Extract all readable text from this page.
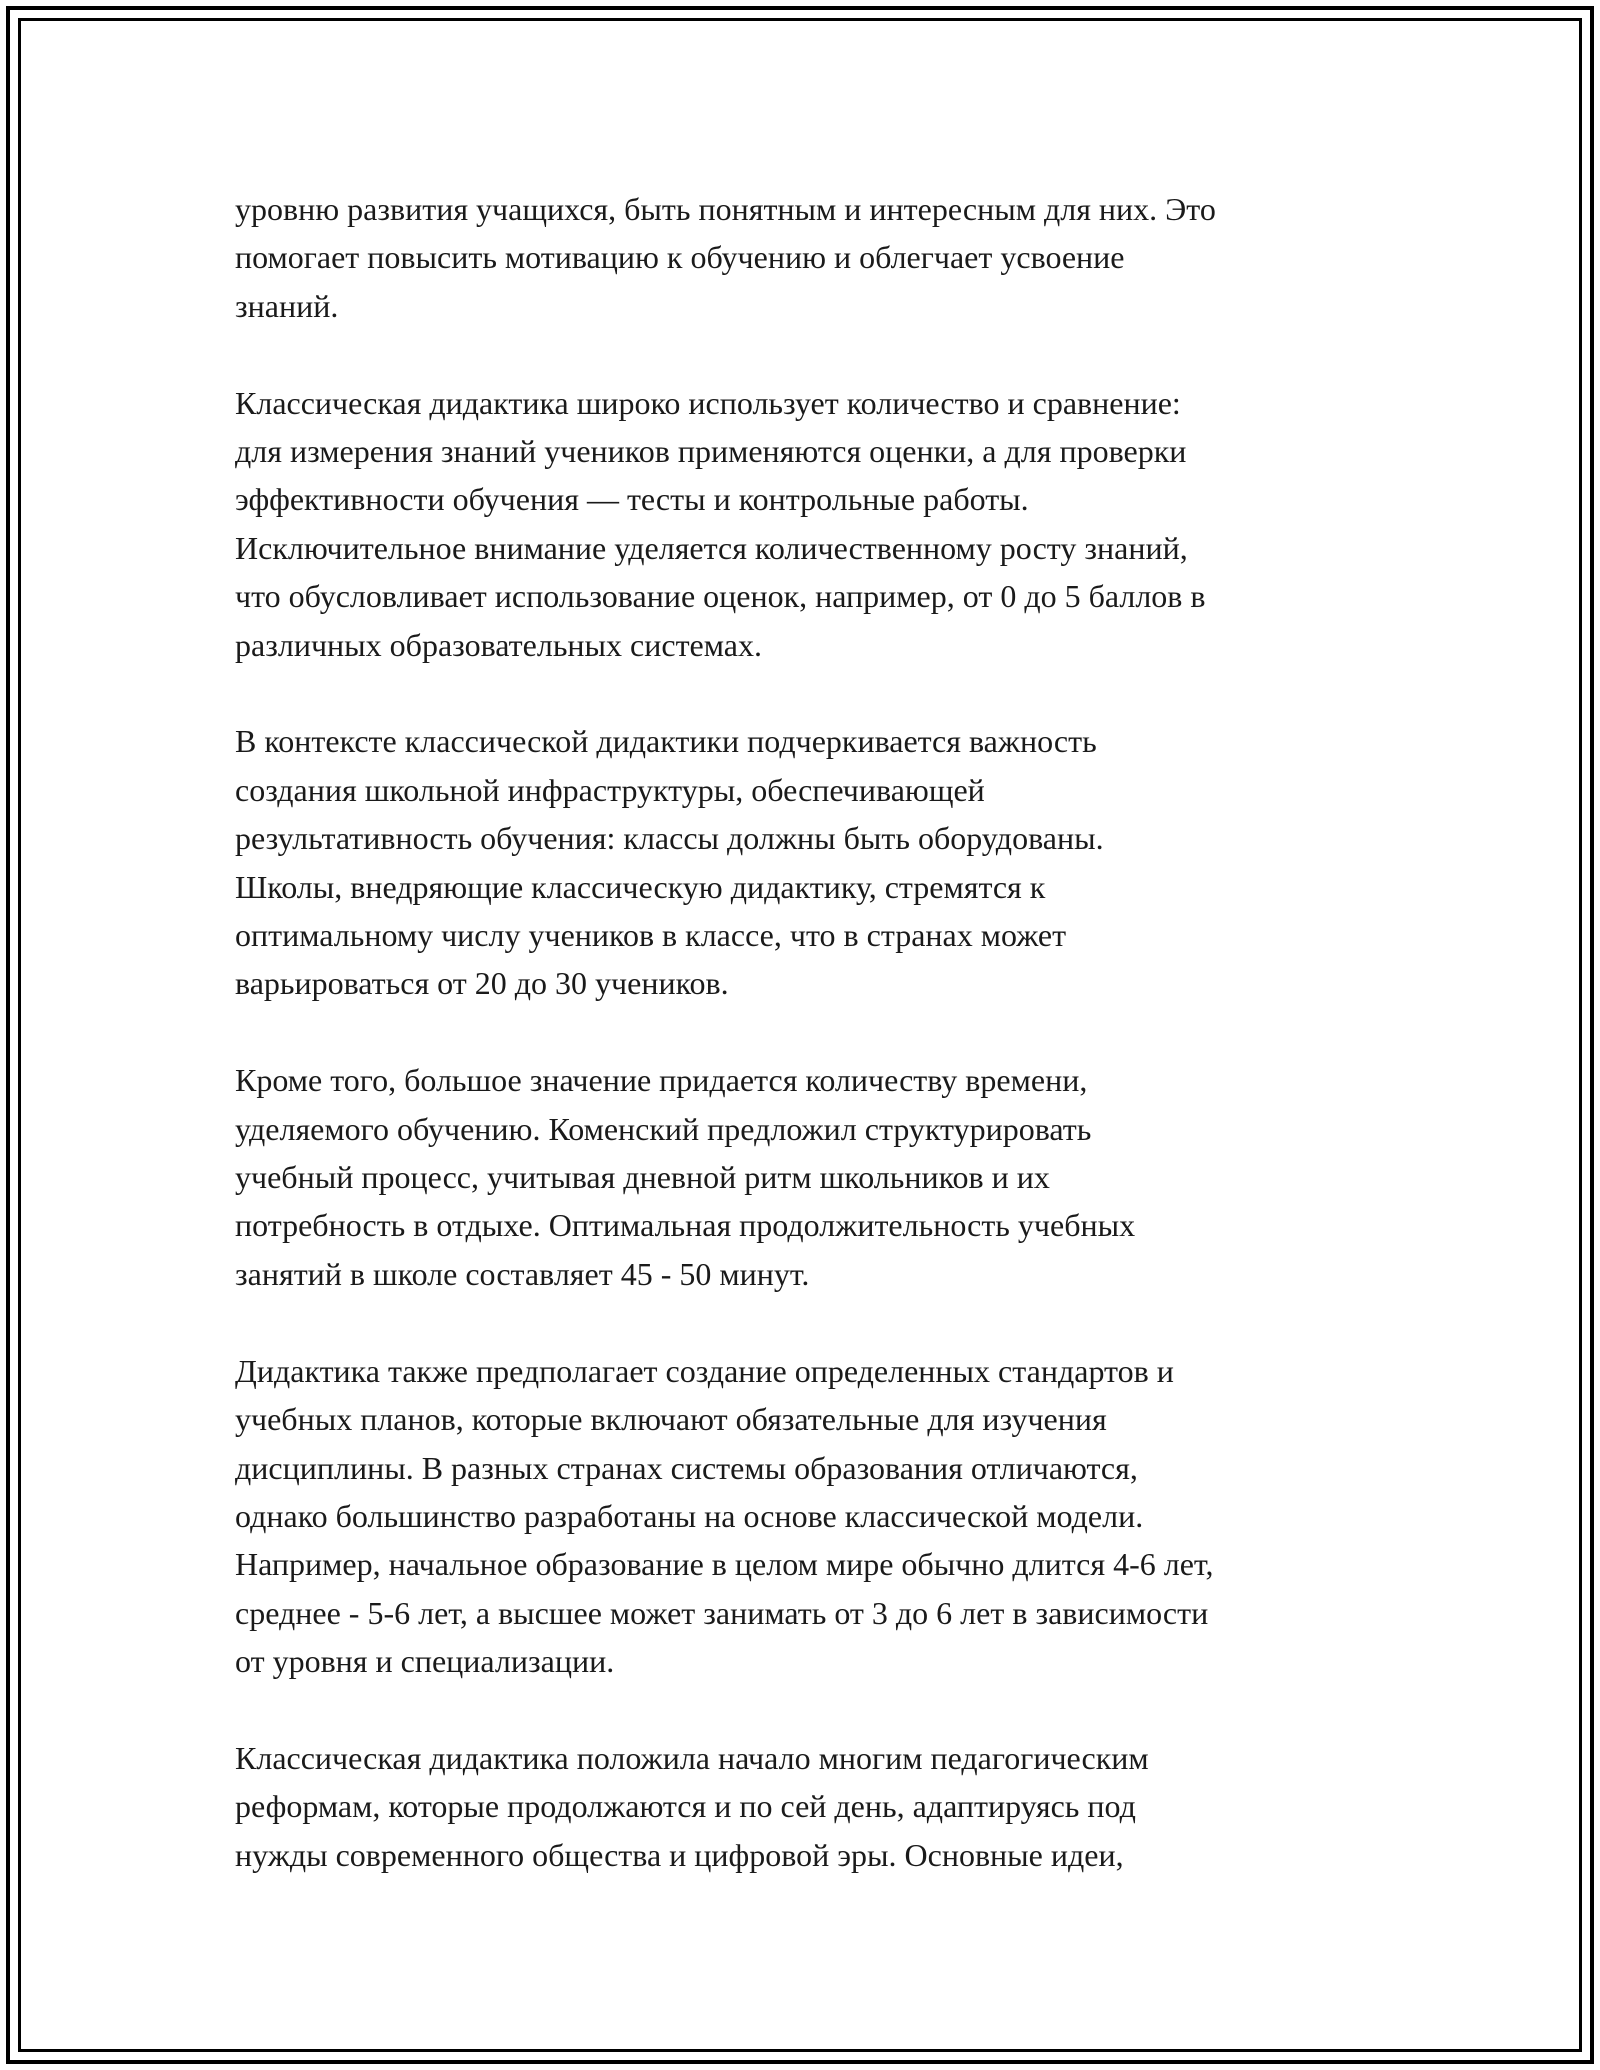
уровню развития учащихся, быть понятным и интересным для них. Это
помогает повысить мотивацию к обучению и облегчает усвоение
знаний.

Классическая дидактика широко использует количество и сравнение:
для измерения знаний учеников применяются оценки, а для проверки
эффективности обучения — тесты и контрольные работы.
Исключительное внимание уделяется количественному росту знаний,
что обусловливает использование оценок, например, от 0 до 5 баллов в
различных образовательных системах.

В контексте классической дидактики подчеркивается важность
создания школьной инфраструктуры, обеспечивающей
результативность обучения: классы должны быть оборудованы.
Школы, внедряющие классическую дидактику, стремятся к
оптимальному числу учеников в классе, что в странах может
варьироваться от 20 до 30 учеников.

Кроме того, большое значение придается количеству времени,
уделяемого обучению. Коменский предложил структурировать
учебный процесс, учитывая дневной ритм школьников и их
потребность в отдыхе. Оптимальная продолжительность учебных
занятий в школе составляет 45 - 50 минут.

Дидактика также предполагает создание определенных стандартов и
учебных планов, которые включают обязательные для изучения
дисциплины. В разных странах системы образования отличаются,
однако большинство разработаны на основе классической модели.
Например, начальное образование в целом мире обычно длится 4-6 лет,
среднее - 5-6 лет, а высшее может занимать от 3 до 6 лет в зависимости
от уровня и специализации.

Классическая дидактика положила начало многим педагогическим
реформам, которые продолжаются и по сей день, адаптируясь под
нужды современного общества и цифровой эры. Основные идеи,
